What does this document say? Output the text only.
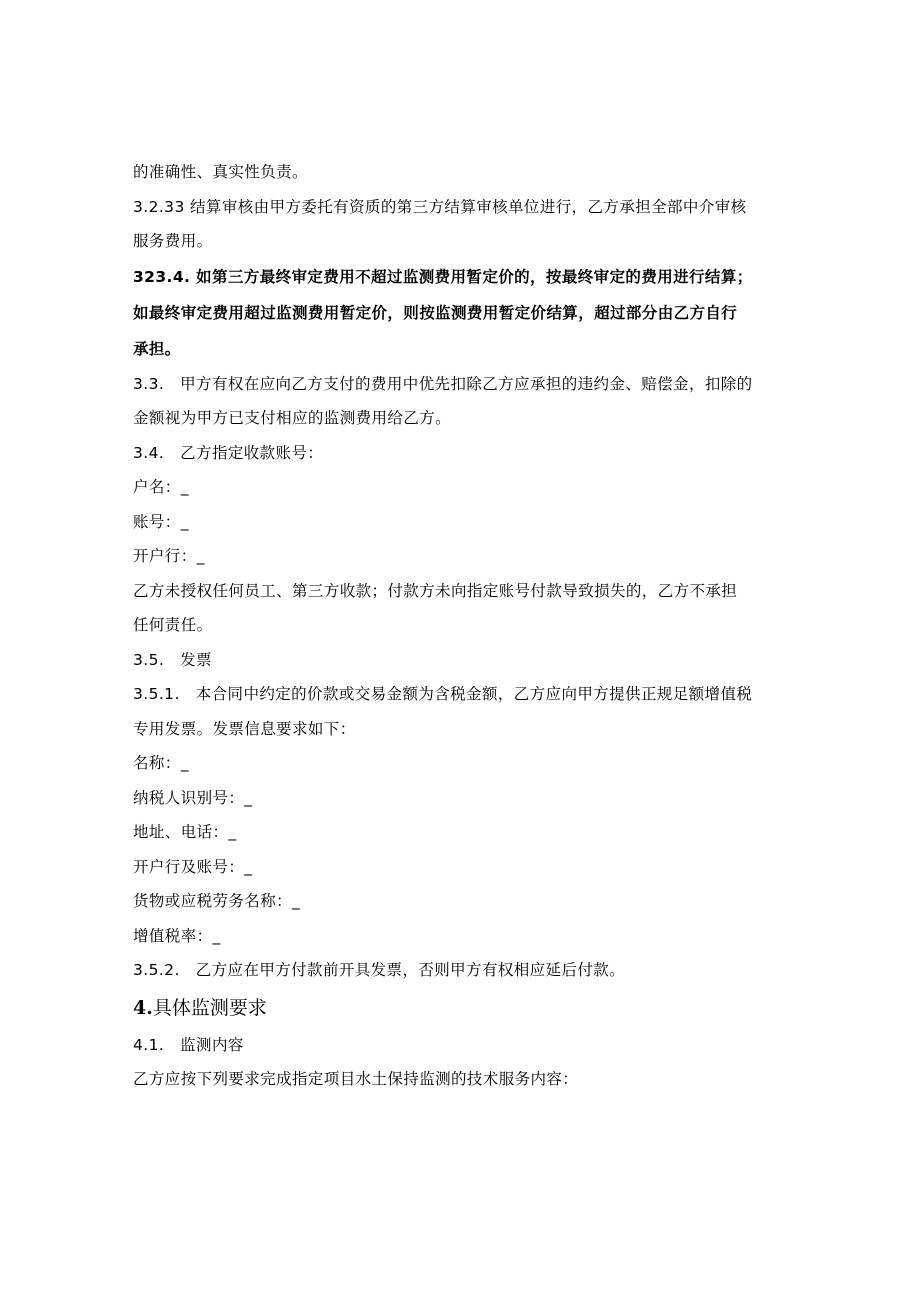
的准确性、真实性负责。

3.2.33 结算审核由甲方委托有资质的第三方结算审核单位进行，乙方承担全部中介审核

服务费用。

323.4. 如第三方最终审定费用不超过监测费用暂定价的，按最终审定的费用进行结算；

如最终审定费用超过监测费用暂定价，则按监测费用暂定价结算，超过部分由乙方自行

承担。

3.3.   甲方有权在应向乙方支付的费用中优先扣除乙方应承担的违约金、赔偿金，扣除的

金额视为甲方已支付相应的监测费用给乙方。

3.4.   乙方指定收款账号：

户名：_

账号：_

开户行：_

乙方未授权任何员工、第三方收款；付款方未向指定账号付款导致损失的，乙方不承担

任何责任。

3.5.   发票

3.5.1.   本合同中约定的价款或交易金额为含税金额，乙方应向甲方提供正规足额增值税

专用发票。发票信息要求如下：

名称：_

纳税人识别号：_

地址、电话：_

开户行及账号：_

货物或应税劳务名称：_

增值税率：_

3.5.2.   乙方应在甲方付款前开具发票，否则甲方有权相应延后付款。

4.具体监测要求

4.1.   监测内容

乙方应按下列要求完成指定项目水土保持监测的技术服务内容：
